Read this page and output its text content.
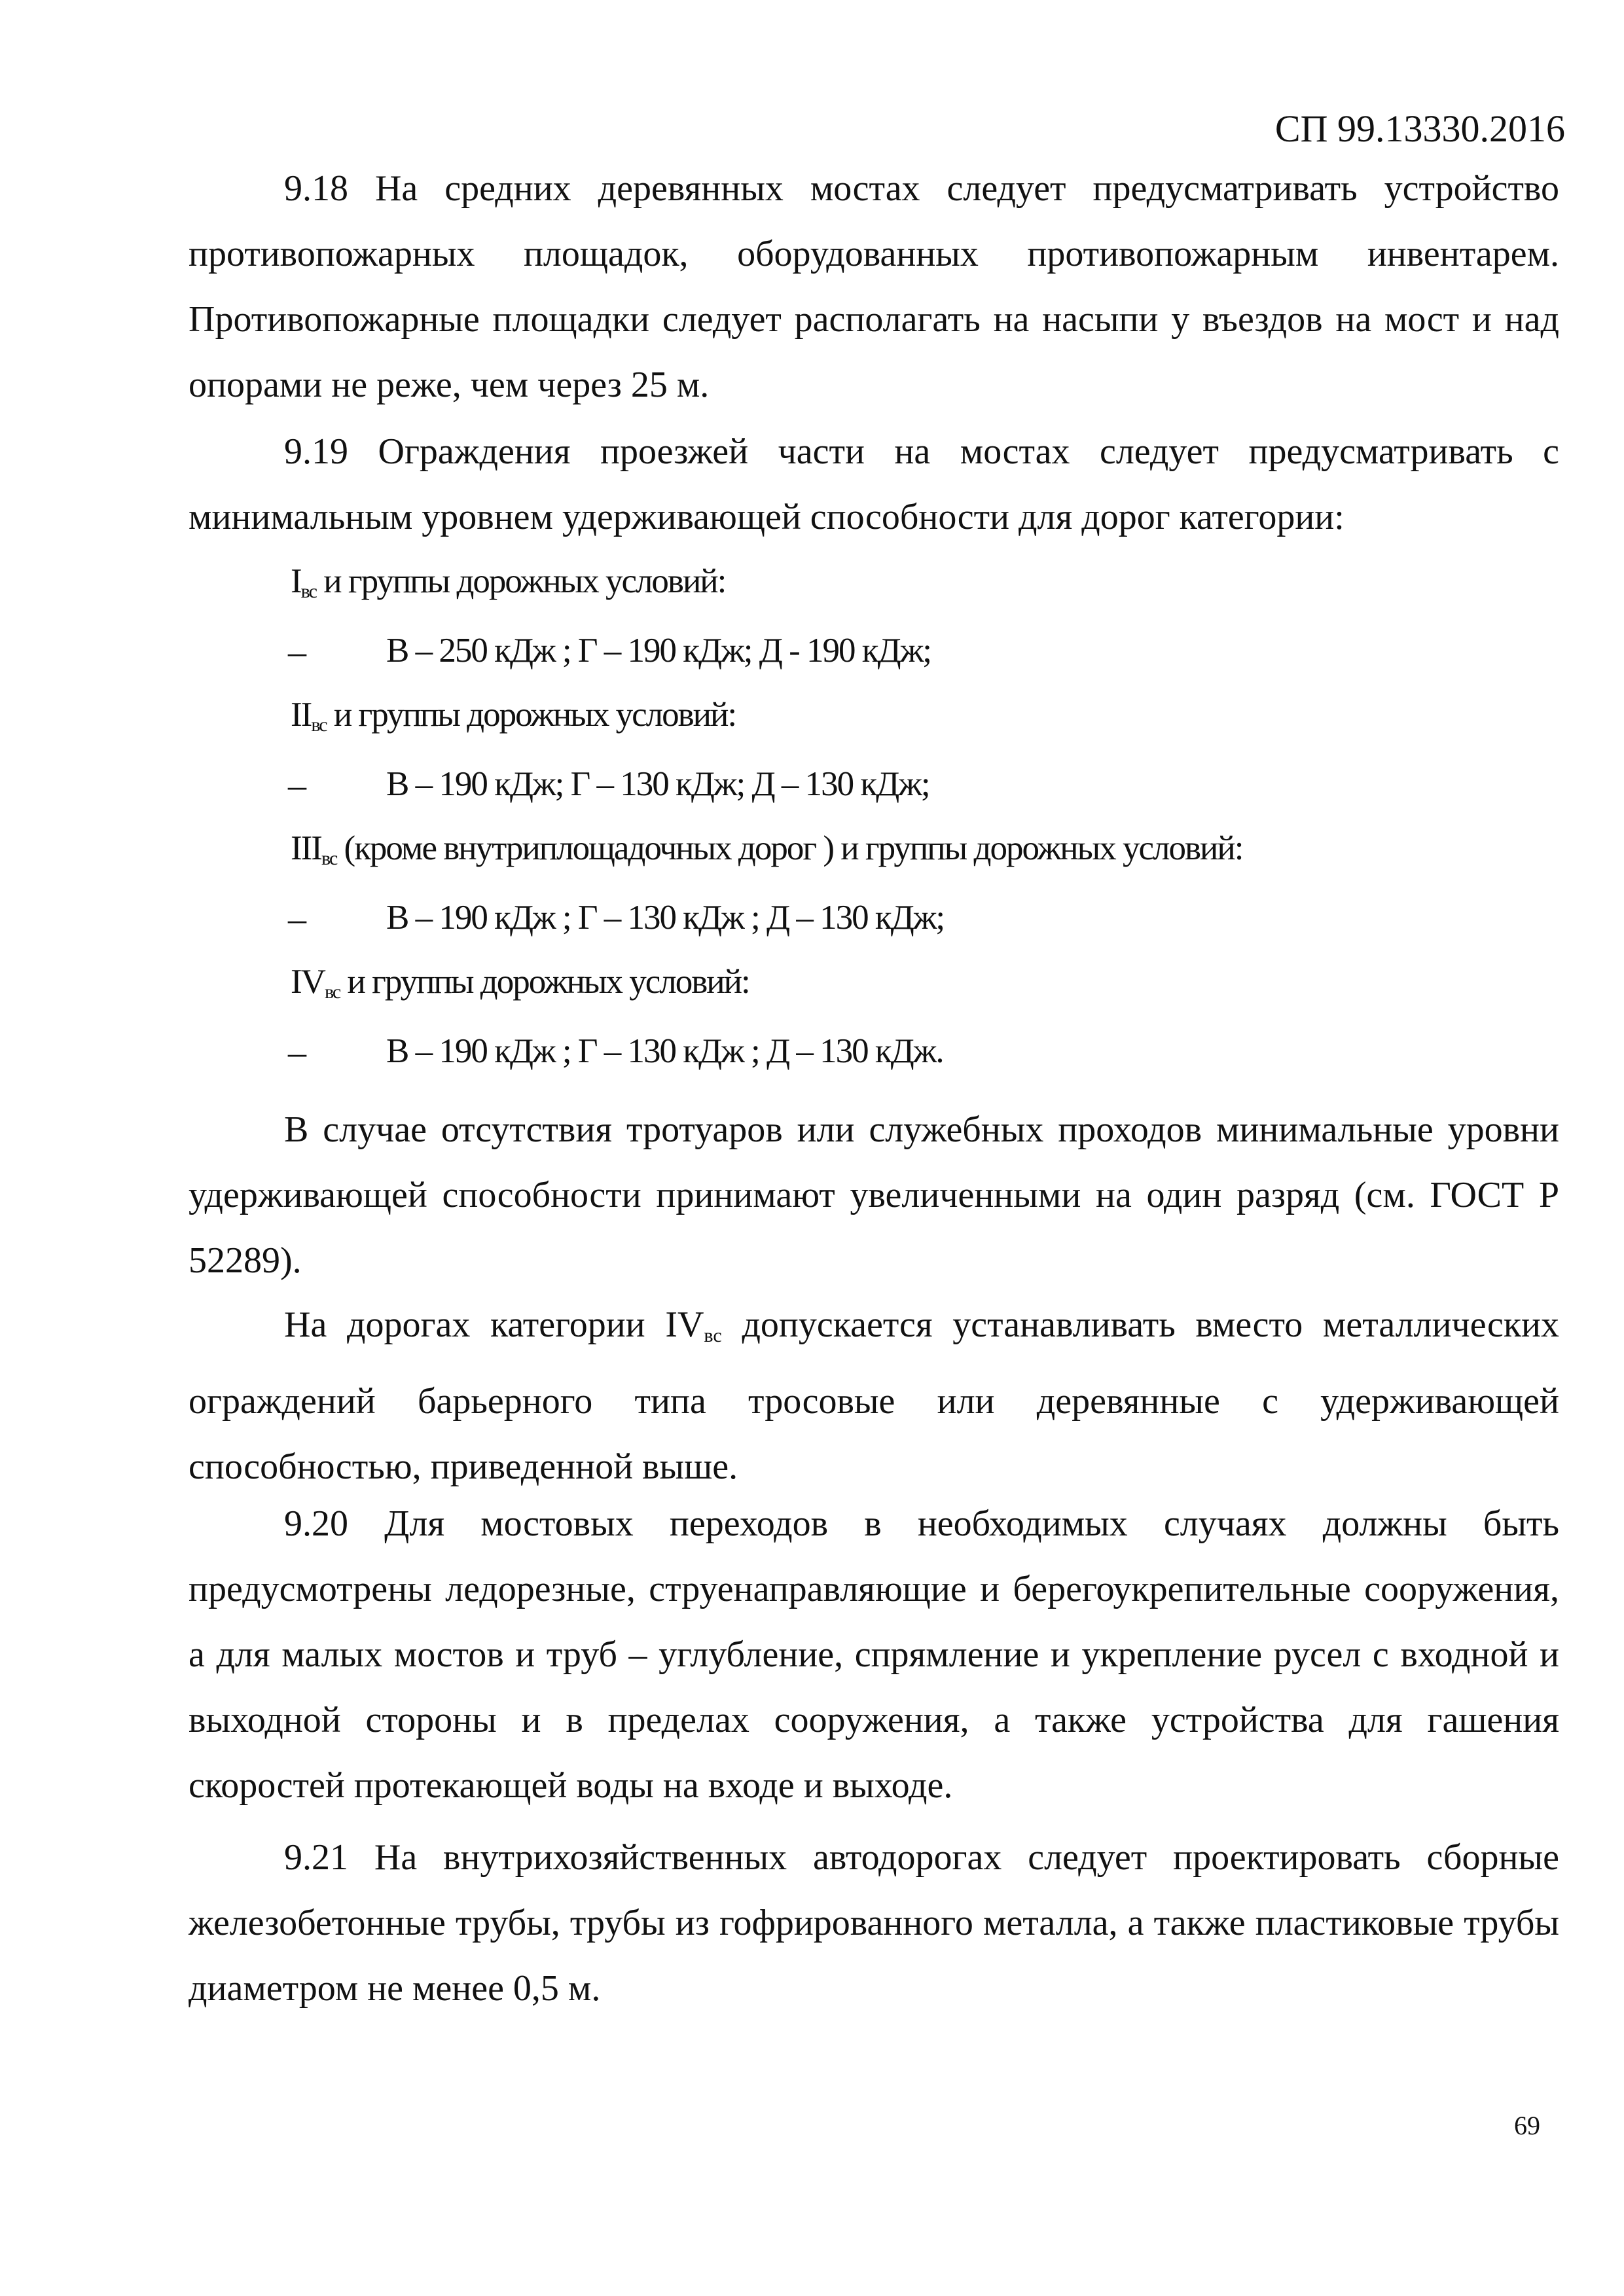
СП 99.13330.2016

9.18 На средних деревянных мостах следует предусматривать устройство противопожарных площадок, оборудованных противопожарным инвентарем. Противопожарные площадки следует располагать на насыпи у въездов на мост и над опорами не реже, чем через 25 м.

9.19 Ограждения проезжей части на мостах следует предусматривать с минимальным уровнем удерживающей способности для дорог категории:

$I_{вс}$ и группы дорожных условий:
– В – 250 кДж ; Г – 190 кДж; Д - 190 кДж;
$II_{вс}$ и группы дорожных условий:
– В – 190 кДж; Г – 130 кДж; Д – 130 кДж;
$III_{вс}$ (кроме внутриплощадочных дорог ) и группы дорожных условий:
– В – 190 кДж ; Г – 130 кДж ; Д – 130 кДж;
$IV_{вс}$ и группы дорожных условий:
– В – 190 кДж ; Г – 130 кДж ; Д – 130 кДж.

В случае отсутствия тротуаров или служебных проходов минимальные уровни удерживающей способности принимают увеличенными на один разряд (см. ГОСТ Р 52289).

На дорогах категории $IV_{вс}$ допускается устанавливать вместо металлических ограждений барьерного типа тросовые или деревянные с удерживающей способностью, приведенной выше.

9.20 Для мостовых переходов в необходимых случаях должны быть предусмотрены ледорезные, струенаправляющие и берегоукрепительные сооружения, а для малых мостов и труб – углубление, спрямление и укрепление русел с входной и выходной стороны и в пределах сооружения, а также устройства для гашения скоростей протекающей воды на входе и выходе.

9.21 На внутрихозяйственных автодорогах следует проектировать сборные железобетонные трубы, трубы из гофрированного металла, а также пластиковые трубы диаметром не менее 0,5 м.

69
